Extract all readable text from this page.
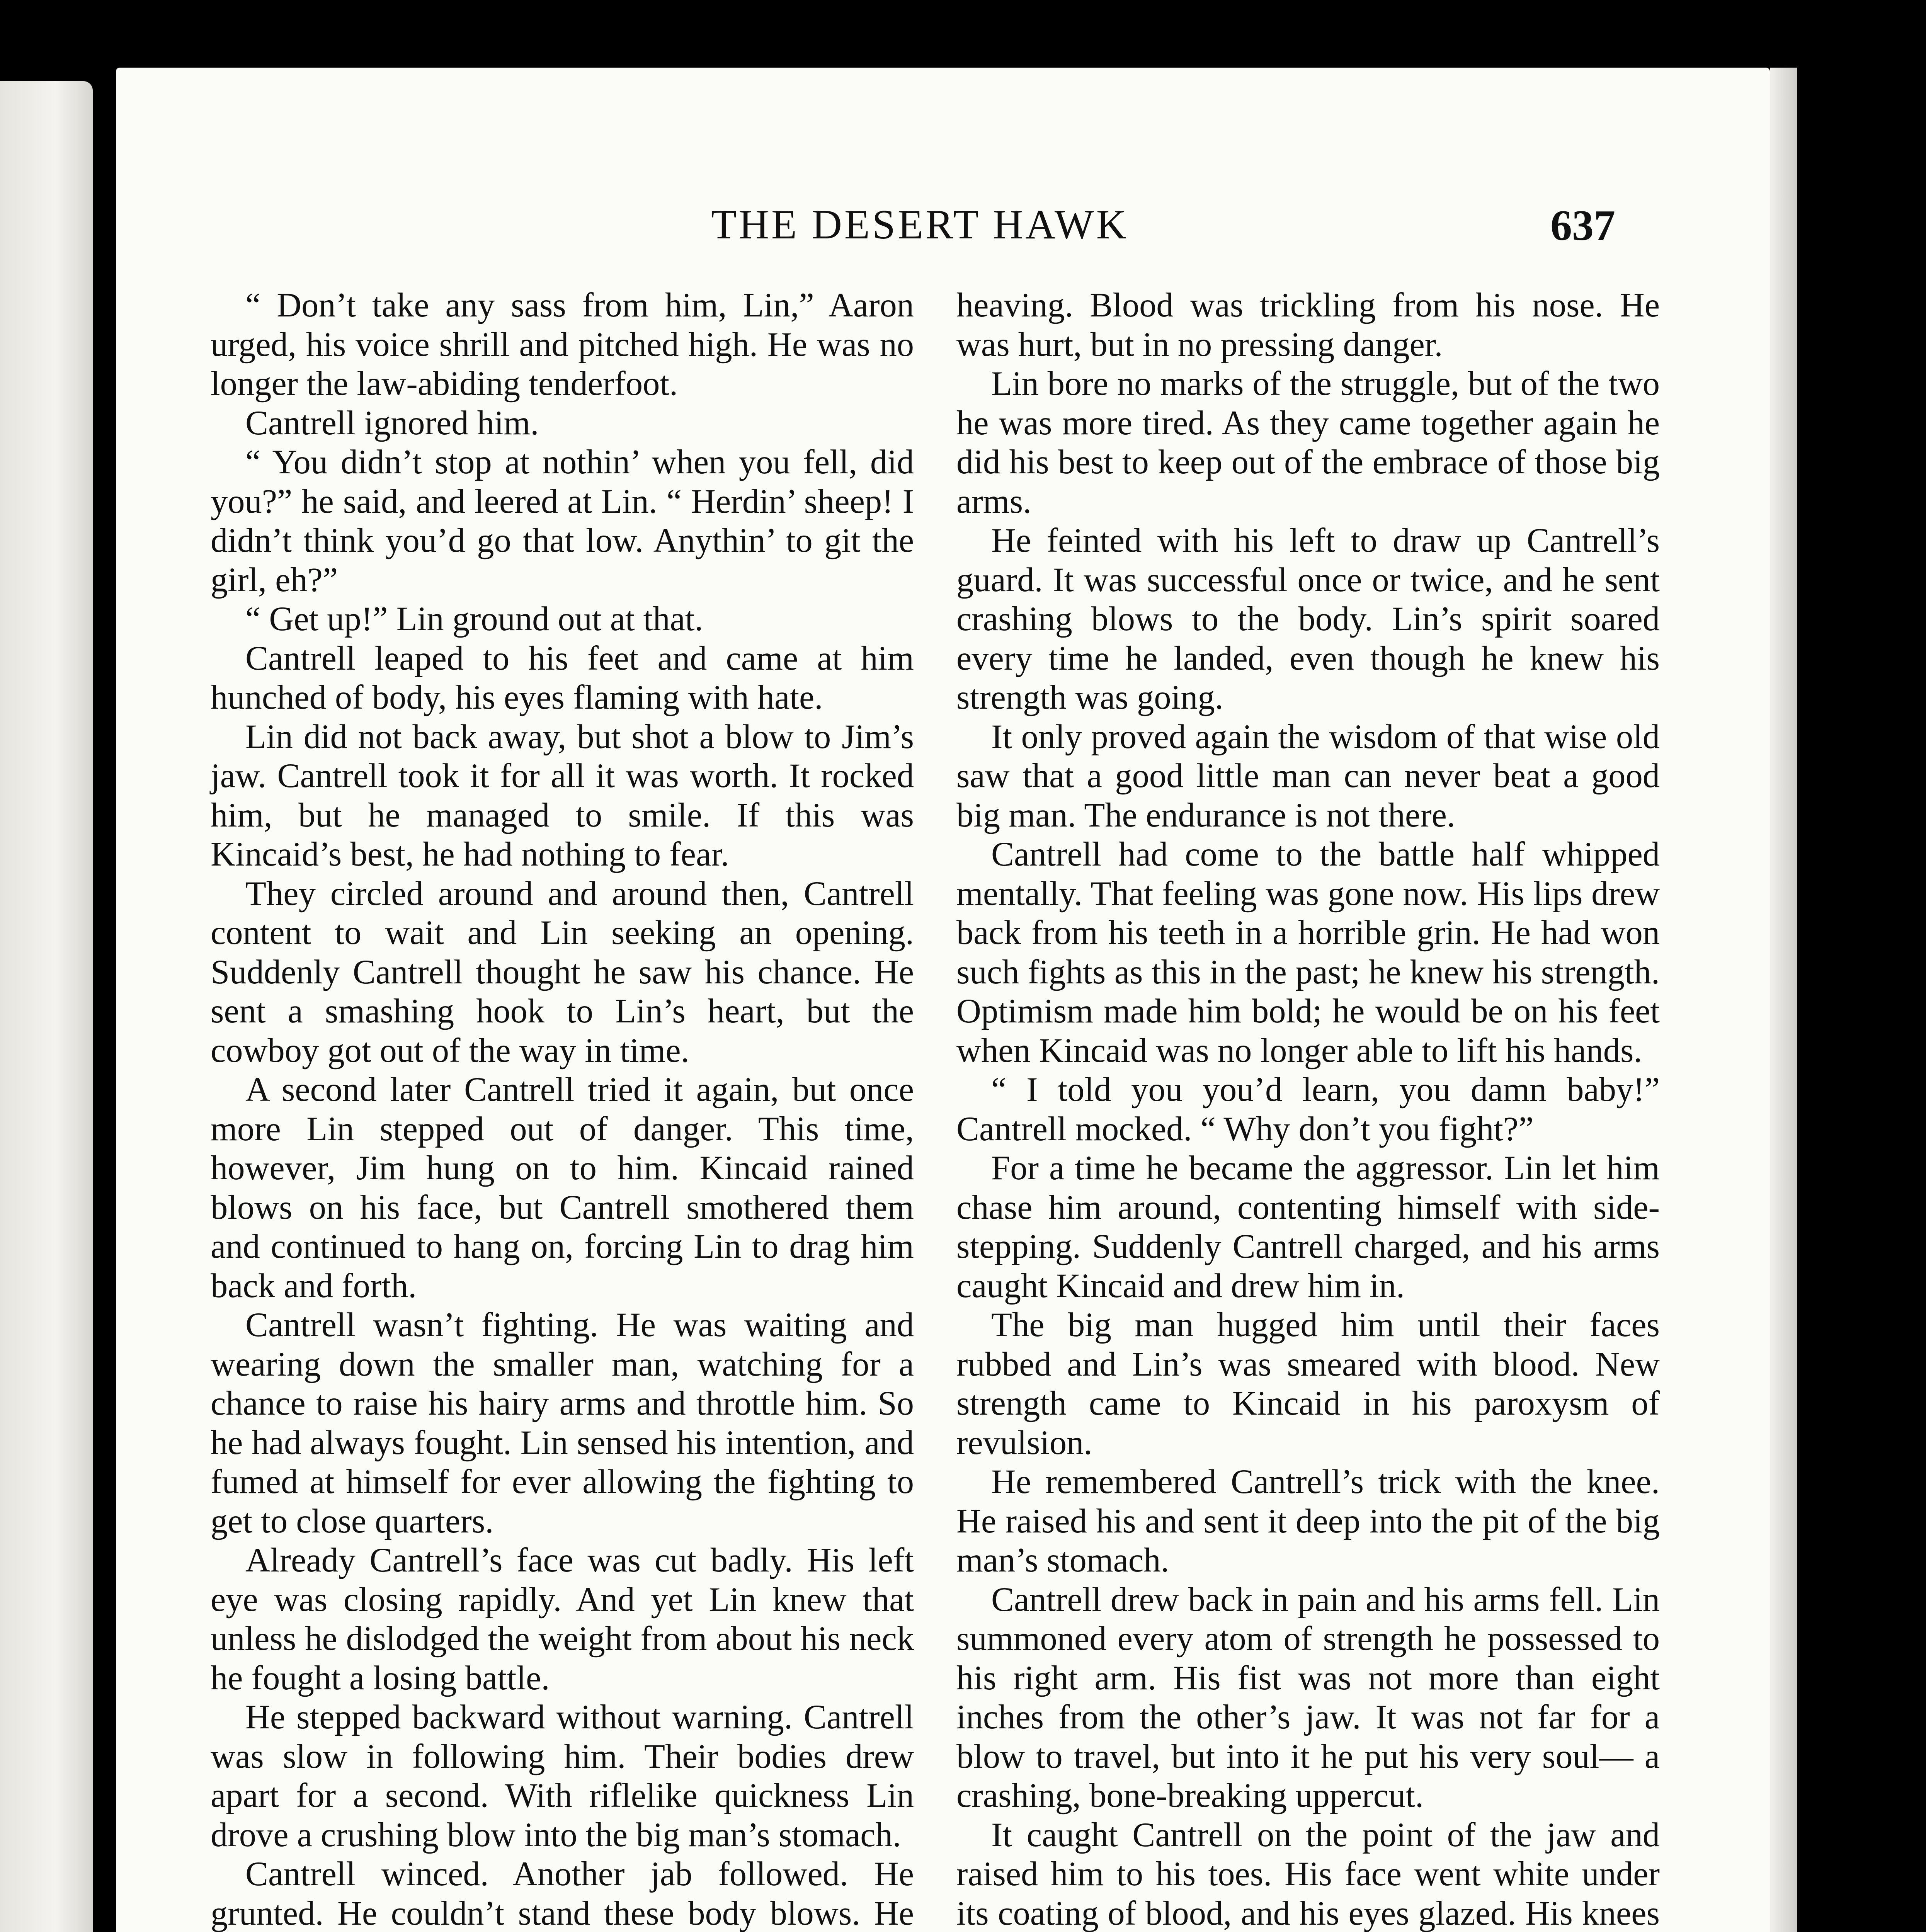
THE DESERT HAWK	637

“ Don’t take any sass from him, Lin,” Aaron urged, his voice shrill and pitched high. He was no longer the law-abiding tenderfoot.

Cantrell ignored him.

“ You didn’t stop at nothin’ when you fell, did you?” he said, and leered at Lin. “ Herdin’ sheep! I didn’t think you’d go that low. Anythin’ to git the girl, eh?”

“ Get up!” Lin ground out at that.

Cantrell leaped to his feet and came at him hunched of body, his eyes flaming with hate.

Lin did not back away, but shot a blow to Jim’s jaw. Cantrell took it for all it was worth. It rocked him, but he managed to smile. If this was Kincaid’s best, he had nothing to fear.

They circled around and around then, Cantrell content to wait and Lin seeking an opening. Suddenly Cantrell thought he saw his chance. He sent a smashing hook to Lin’s heart, but the cowboy got out of the way in time.

A second later Cantrell tried it again, but once more Lin stepped out of danger. This time, however, Jim hung on to him. Kincaid rained blows on his face, but Cantrell smothered them and continued to hang on, forcing Lin to drag him back and forth.

Cantrell wasn’t fighting. He was waiting and wearing down the smaller man, watching for a chance to raise his hairy arms and throttle him. So he had always fought. Lin sensed his intention, and fumed at himself for ever allowing the fighting to get to close quarters.

Already Cantrell’s face was cut badly. His left eye was closing rapidly. And yet Lin knew that unless he dislodged the weight from about his neck he fought a losing battle.

He stepped backward without warning. Cantrell was slow in following him. Their bodies drew apart for a second. With riflelike quickness Lin drove a crushing blow into the big man’s stomach.

Cantrell winced. Another jab followed. He grunted. He couldn’t stand these body blows. He

heaving. Blood was trickling from his nose. He was hurt, but in no pressing danger.

Lin bore no marks of the struggle, but of the two he was more tired. As they came together again he did his best to keep out of the embrace of those big arms.

He feinted with his left to draw up Cantrell’s guard. It was successful once or twice, and he sent crashing blows to the body. Lin’s spirit soared every time he landed, even though he knew his strength was going.

It only proved again the wisdom of that wise old saw that a good little man can never beat a good big man. The endurance is not there.

Cantrell had come to the battle half whipped mentally. That feeling was gone now. His lips drew back from his teeth in a horrible grin. He had won such fights as this in the past; he knew his strength. Optimism made him bold; he would be on his feet when Kincaid was no longer able to lift his hands.

“ I told you you’d learn, you damn baby!” Cantrell mocked. “ Why don’t you fight?”

For a time he became the aggressor. Lin let him chase him around, contenting himself with side-stepping. Suddenly Cantrell charged, and his arms caught Kincaid and drew him in.

The big man hugged him until their faces rubbed and Lin’s was smeared with blood. New strength came to Kincaid in his paroxysm of revulsion.

He remembered Cantrell’s trick with the knee. He raised his and sent it deep into the pit of the big man’s stomach.

Cantrell drew back in pain and his arms fell. Lin summoned every atom of strength he possessed to his right arm. His fist was not more than eight inches from the other’s jaw. It was not far for a blow to travel, but into it he put his very soul— a crashing, bone-breaking uppercut.

It caught Cantrell on the point of the jaw and raised him to his toes. His face went white under its coating of blood, and his eyes glazed. His knees
